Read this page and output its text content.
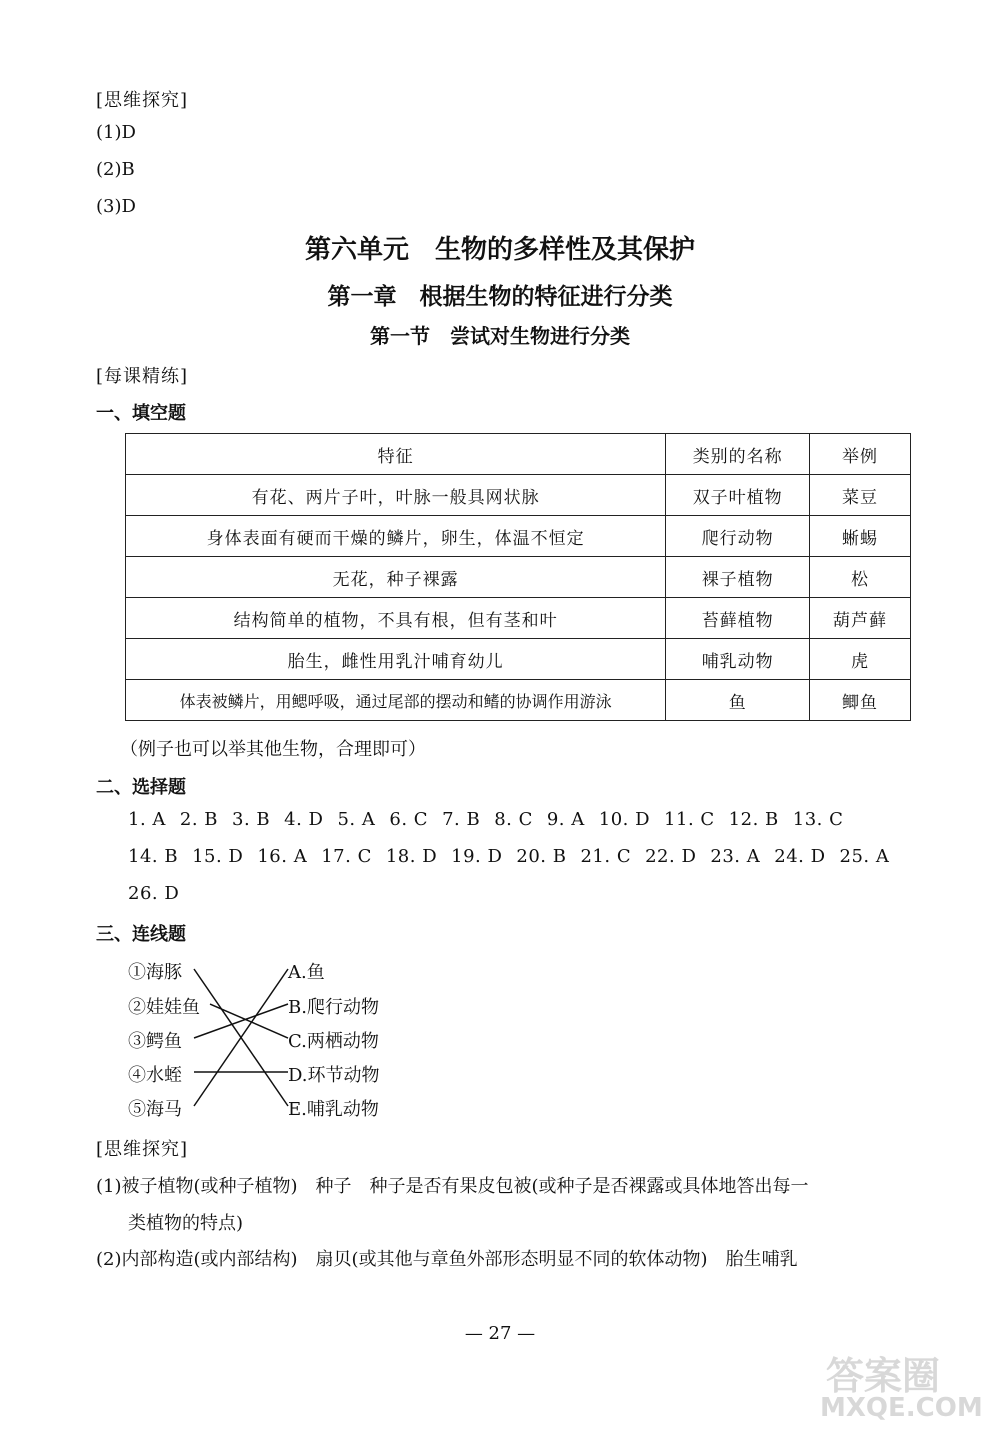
[思维探究]
(1)D
(2)B
(3)D
第六单元　生物的多样性及其保护
第一章　根据生物的特征进行分类
第一节　尝试对生物进行分类
[每课精练]
一、填空题
特征	类别的名称	举例
有花、两片子叶，叶脉一般具网状脉	双子叶植物	菜豆
身体表面有硬而干燥的鳞片，卵生，体温不恒定	爬行动物	蜥蜴
无花，种子裸露	裸子植物	松
结构简单的植物，不具有根，但有茎和叶	苔藓植物	葫芦藓
胎生，雌性用乳汁哺育幼儿	哺乳动物	虎
体表被鳞片，用鳃呼吸，通过尾部的摆动和鳍的协调作用游泳	鱼	鲫鱼
（例子也可以举其他生物，合理即可）
二、选择题
1. A 2. B 3. B 4. D 5. A 6. C 7. B 8. C 9. A 10. D 11. C 12. B 13. C
14. B 15. D 16. A 17. C 18. D 19. D 20. B 21. C 22. D 23. A 24. D 25. A
26. D
三、连线题
①海豚
②娃娃鱼
③鳄鱼
④水蛭
⑤海马
A.鱼
B.爬行动物
C.两栖动物
D.环节动物
E.哺乳动物
[思维探究]
(1)被子植物(或种子植物)　种子　种子是否有果皮包被(或种子是否裸露或具体地答出每一
类植物的特点)
(2)内部构造(或内部结构)　扇贝(或其他与章鱼外部形态明显不同的软体动物)　胎生哺乳
— 27 —
答案圈
MXQE.COM
